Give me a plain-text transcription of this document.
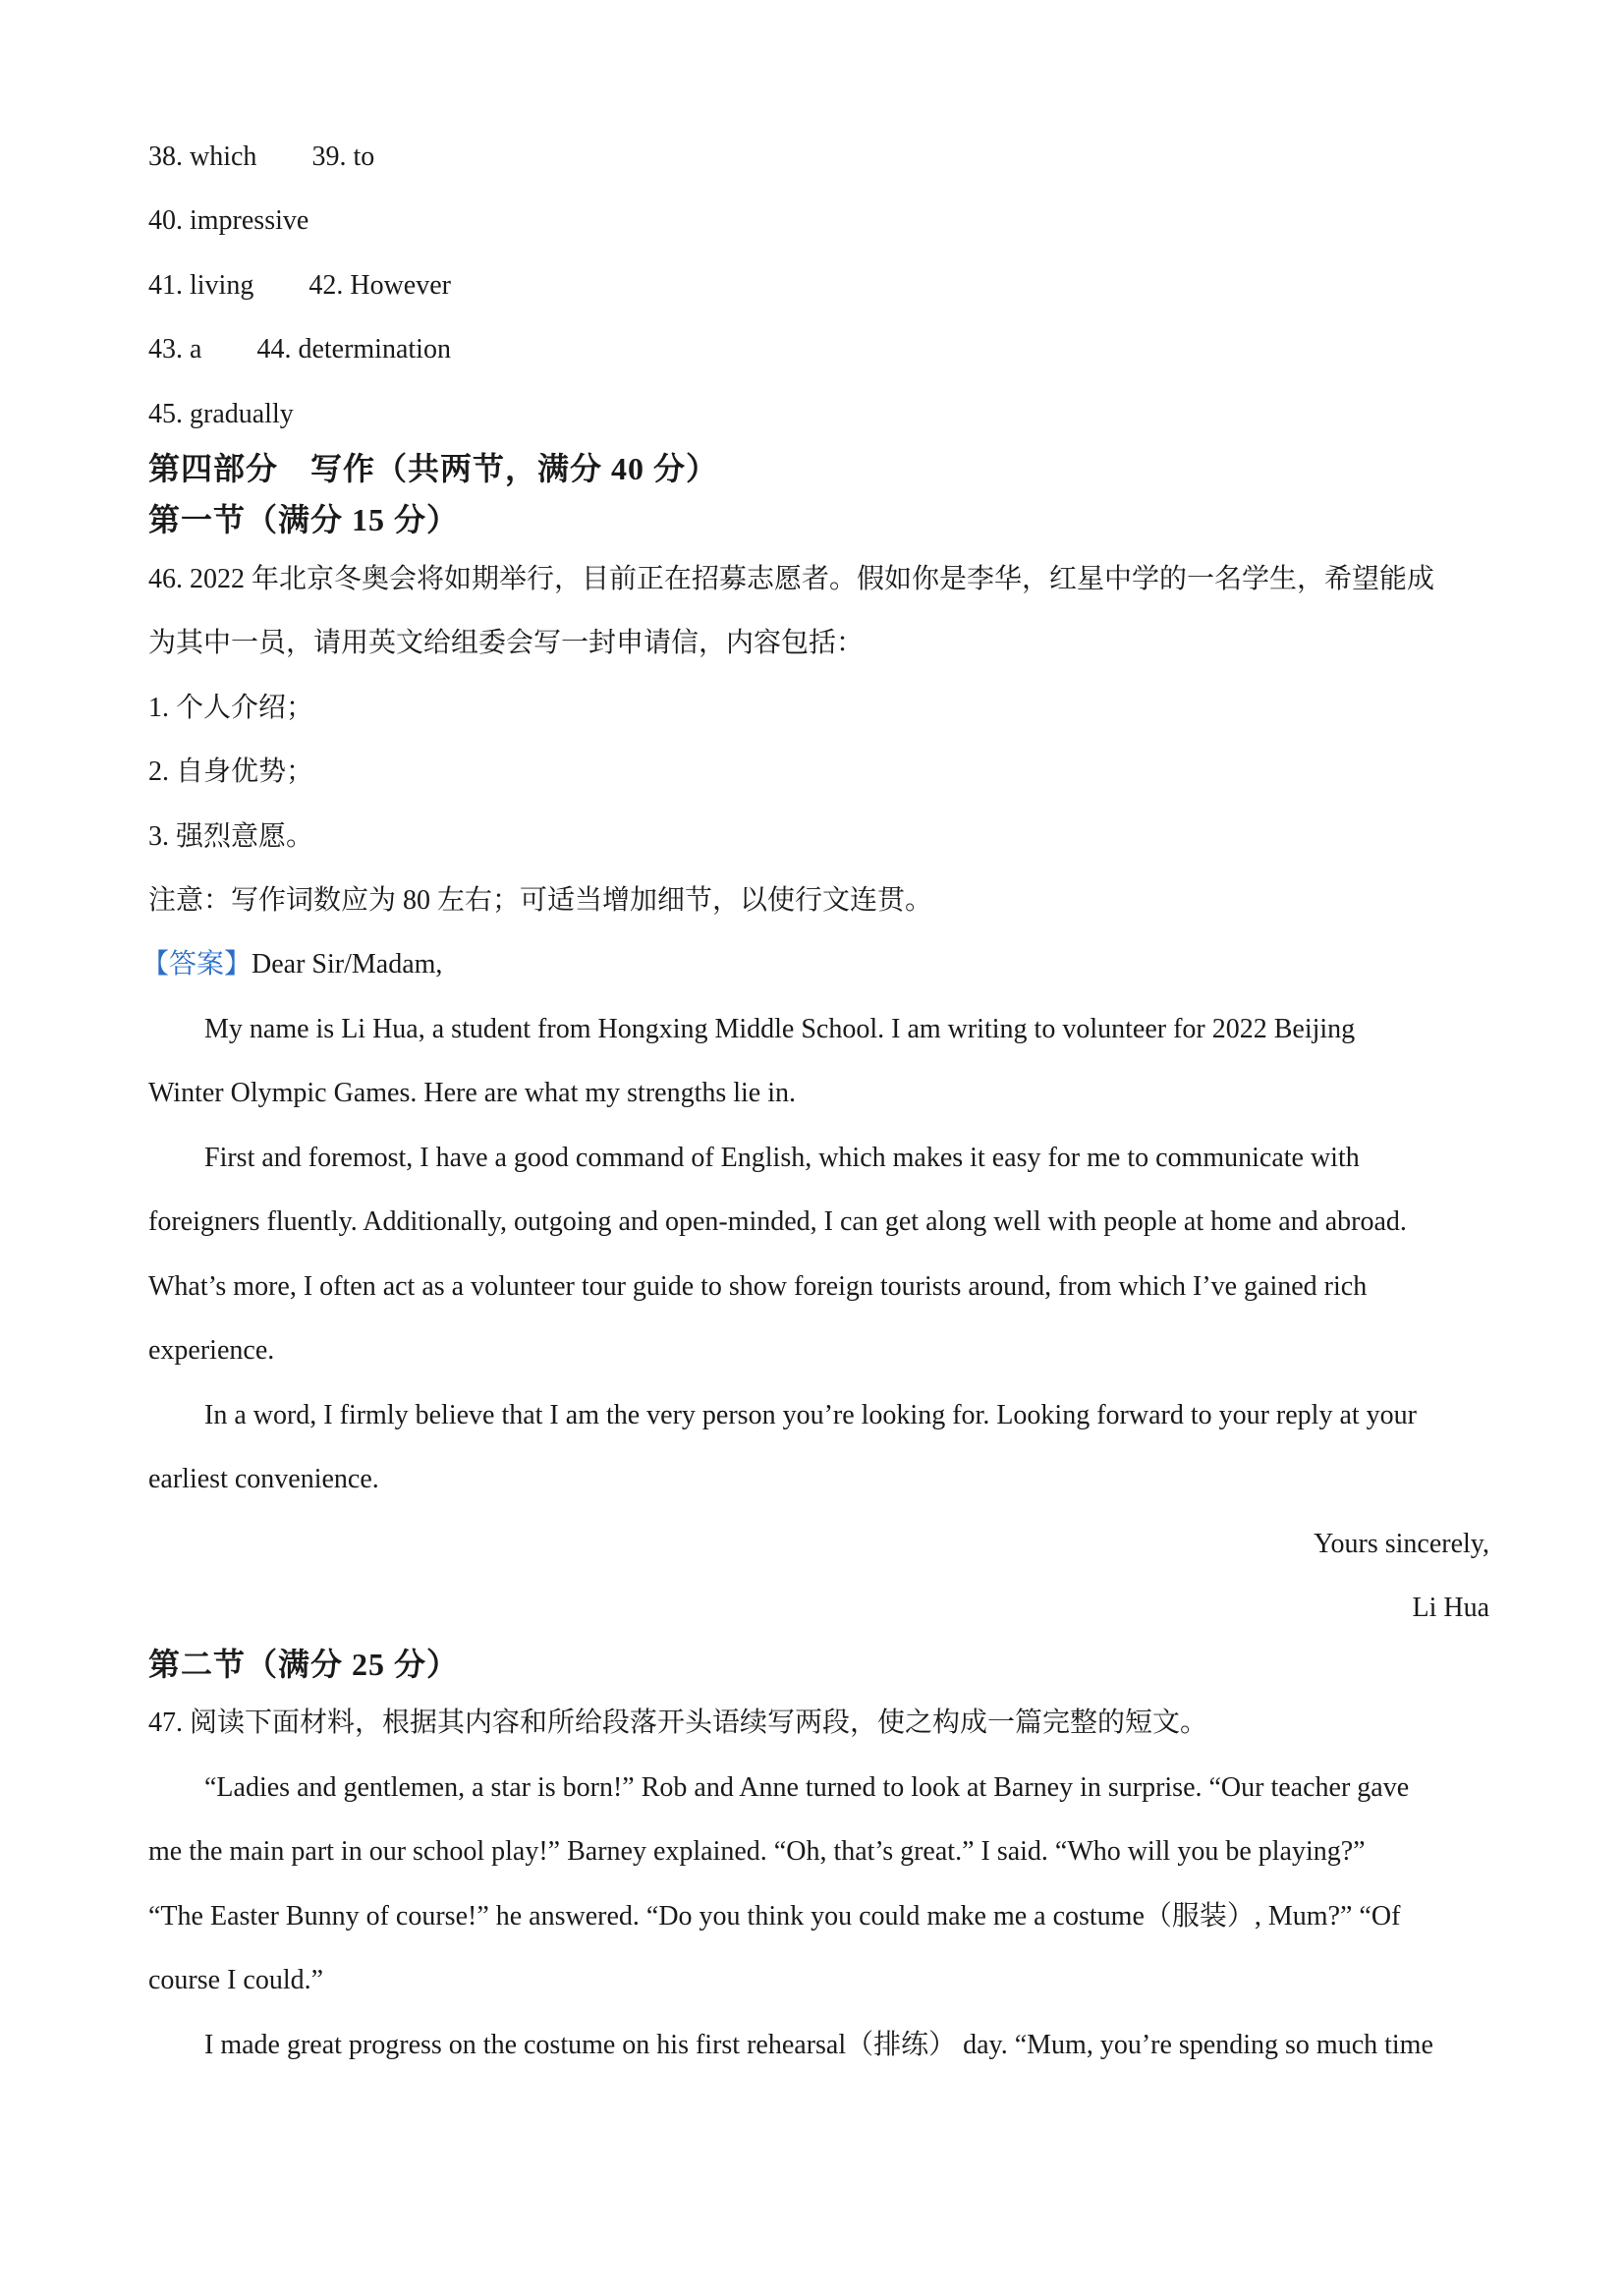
38. which 39. to
40. impressive
41. living 42. However
43. a 44. determination
45. gradually
第四部分　写作（共两节，满分 40 分）
第一节（满分 15 分）
46. 2022 年北京冬奥会将如期举行，目前正在招募志愿者。假如你是李华，红星中学的一名学生，希望能成
为其中一员，请用英文给组委会写一封申请信，内容包括：
1. 个人介绍；
2. 自身优势；
3. 强烈意愿。
注意：写作词数应为 80 左右；可适当增加细节，以使行文连贯。
【答案】Dear Sir/Madam,
My name is Li Hua, a student from Hongxing Middle School. I am writing to volunteer for 2022 Beijing
Winter Olympic Games. Here are what my strengths lie in.
First and foremost, I have a good command of English, which makes it easy for me to communicate with
foreigners fluently. Additionally, outgoing and open-minded, I can get along well with people at home and abroad.
What’s more, I often act as a volunteer tour guide to show foreign tourists around, from which I’ve gained rich
experience.
In a word, I firmly believe that I am the very person you’re looking for. Looking forward to your reply at your
earliest convenience.
Yours sincerely,
Li Hua
第二节（满分 25 分）
47. 阅读下面材料，根据其内容和所给段落开头语续写两段，使之构成一篇完整的短文。
“Ladies and gentlemen, a star is born!” Rob and Anne turned to look at Barney in surprise. “Our teacher gave
me the main part in our school play!” Barney explained. “Oh, that’s great.” I said. “Who will you be playing?”
“The Easter Bunny of course!” he answered. “Do you think you could make me a costume（服装）, Mum?” “Of
course I could.”
I made great progress on the costume on his first rehearsal（排练） day. “Mum, you’re spending so much time
